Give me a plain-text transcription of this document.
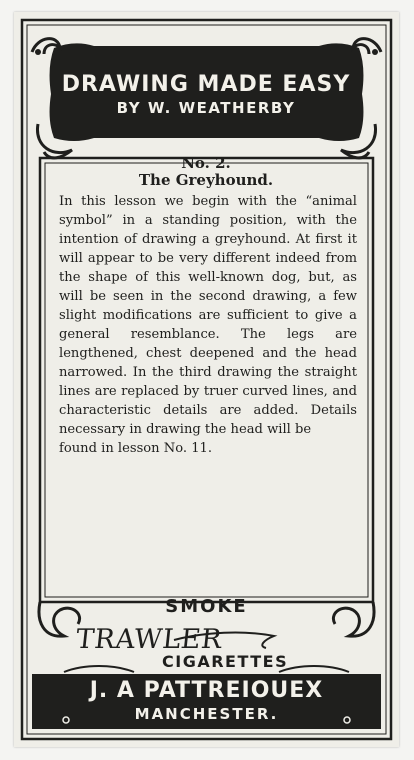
DRAWING MADE EASY
BY W. WEATHERBY
No. 2.
The Greyhound.
In this lesson we begin with the “animal symbol” in a standing position, with the intention of drawing a greyhound. At first it will appear to be very different indeed from the shape of this well-known dog, but, as will be seen in the second drawing, a few slight modifications are sufficient to give a general resemblance. The legs are lengthened, chest deepened and the head narrowed. In the third drawing the straight lines are replaced by truer curved lines, and characteristic details are added. Details necessary in drawing the head will be
found in lesson No. 11.
SMOKE
TRAWLER
CIGARETTES
J. A PATTREIOUEX
MANCHESTER.
